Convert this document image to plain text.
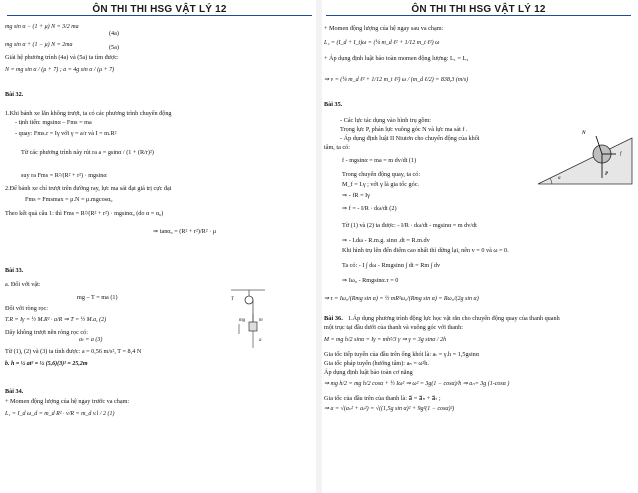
ÔN THI THI HSG VẬT LÝ 12
mg sin α − (1 + μ) N = 3/2 ma
(4a)
mg sin α + (1 − μ) N = 2ma	(5a)
Giải hệ phương trình (4a) và (5a) ta tìm được:
N = mg sin α / (μ + 7) ; a = 4g sin α / (μ + 7)
Bài 32.
1.Khi bánh xe lăn không trượt, ta có các phương trình chuyển động
- tịnh tiến: mgsinα – Fms = ma
- quay: Fms.r = Iγ với γ = a/r và I = m.R²
Từ các phương trình này rút ra a = gsinα / (1 + (R/r)²)
suy ra Fms = R²/(R² + r²) · mgsinα
2.Để bánh xe chỉ trượt trên đường ray, lực ma sát đạt giá trị cực đại
Fms = Fmsmax = μ.N = μ.mgcosα₀
Theo kết quả câu 1: thì Fms = R²/(R² + r²) · mgsinα₀ (do α = α₀)
⇒ tanα₀ = (R² + r²)/R² · μ
Bài 33.
a. Đối với vật:
mg – T = ma (1)
Đối với ròng rọc:
T.R = Iγ = ½ M.R² · a/R ⇒ T = ½ M.a, (2)
Dây không trượt nên ròng rọc có:
aₜ = a (3)
Từ (1), (2) và (3) ta tính được: a = 0,56 m/s², T = 8,4 N
b. h = ½ at² = ½ (5,6)(3)² = 25,2m
T
mg	m
a
Bài 34.
+ Momen động lượng của hệ ngay trước va chạm:
L₁ = I_d ω_d = m_d R² · v/R = m_d v.l / 2 (1)
ÔN THI THI HSG VẬT LÝ 12
+ Momen động lượng của hệ ngay sau va chạm:
L₂ = (I_d + I_t)ω = (¼ m_d ℓ² + 1/12 m_t ℓ²) ω
+ Áp dụng định luật bảo toàn momen động lượng: L₁ = L₂
⇒ v = (¼ m_d ℓ² + 1/12 m_t ℓ²) ω / (m_d ℓ/2) = 838,3 (m/s)
Bài 35.
- Các lực tác dụng vào hình trụ gồm:
Trọng lực P, phản lực vuông góc N và lực ma sát f .
- Áp dụng định luật II Niutơn cho chuyển động của khối
tâm, ta có:
f - mgsinα = ma = m dv/dt (1)
Trong chuyển động quay, ta có:
M_f = I.γ ; với γ là gia tốc góc.
⇒ - fR = Iγ
⇒ f = - I/R · dω/dt (2)
Từ (1) và (2) ta được: - I/R · dω/dt - mgsinα = m dv/dt
⇒ - I.dω - R.m.g. sinα .dt = R.m.dv
Khi hình trụ lên đến điểm cao nhất thì dừng lại, nên v = 0 và ω = 0.
Ta có: - I ∫ dω - Rmgsinα ∫ dt = Rm ∫ dv
⇒ Iω₀ - Rmgsinα.τ = 0
⇒ τ = Iω₀/(Rmg sin α) = ½ mR²ω₀/(Rmg sin α) = Rω₀/(2g sin α)
N
f
P
α
Bài 36. 1.Áp dụng phương trình động lực học vật rắn cho chuyển động quay của thanh quanh
một trục tại đầu dưới của thanh và vuông góc với thanh:
M = mg h/2 sinα = Iγ = mh²/3 γ ⇒ γ = 3g sinα / 2h
Gia tốc tiếp tuyến của đầu trên ống khói là: aₜ = γ.h = 1,5gsinα
Gia tốc pháp tuyến (hướng tâm): aₙ = ω²h.
Áp dụng định luật bảo toàn cơ năng
⇒ mg h/2 = mg h/2 cosα + ½ Iω² ⇒ ω² = 3g(1 − cosα)/h ⇒ aₙ= 3g (1-cosα )
Gia tốc của đầu trên của thanh là: a⃗ = a⃗ₙ + a⃗ₜ ;
⇒ a = √(aₙ² + aₜ²) = √((1,5g sin α)² + 9g²(1 − cosα)²)
